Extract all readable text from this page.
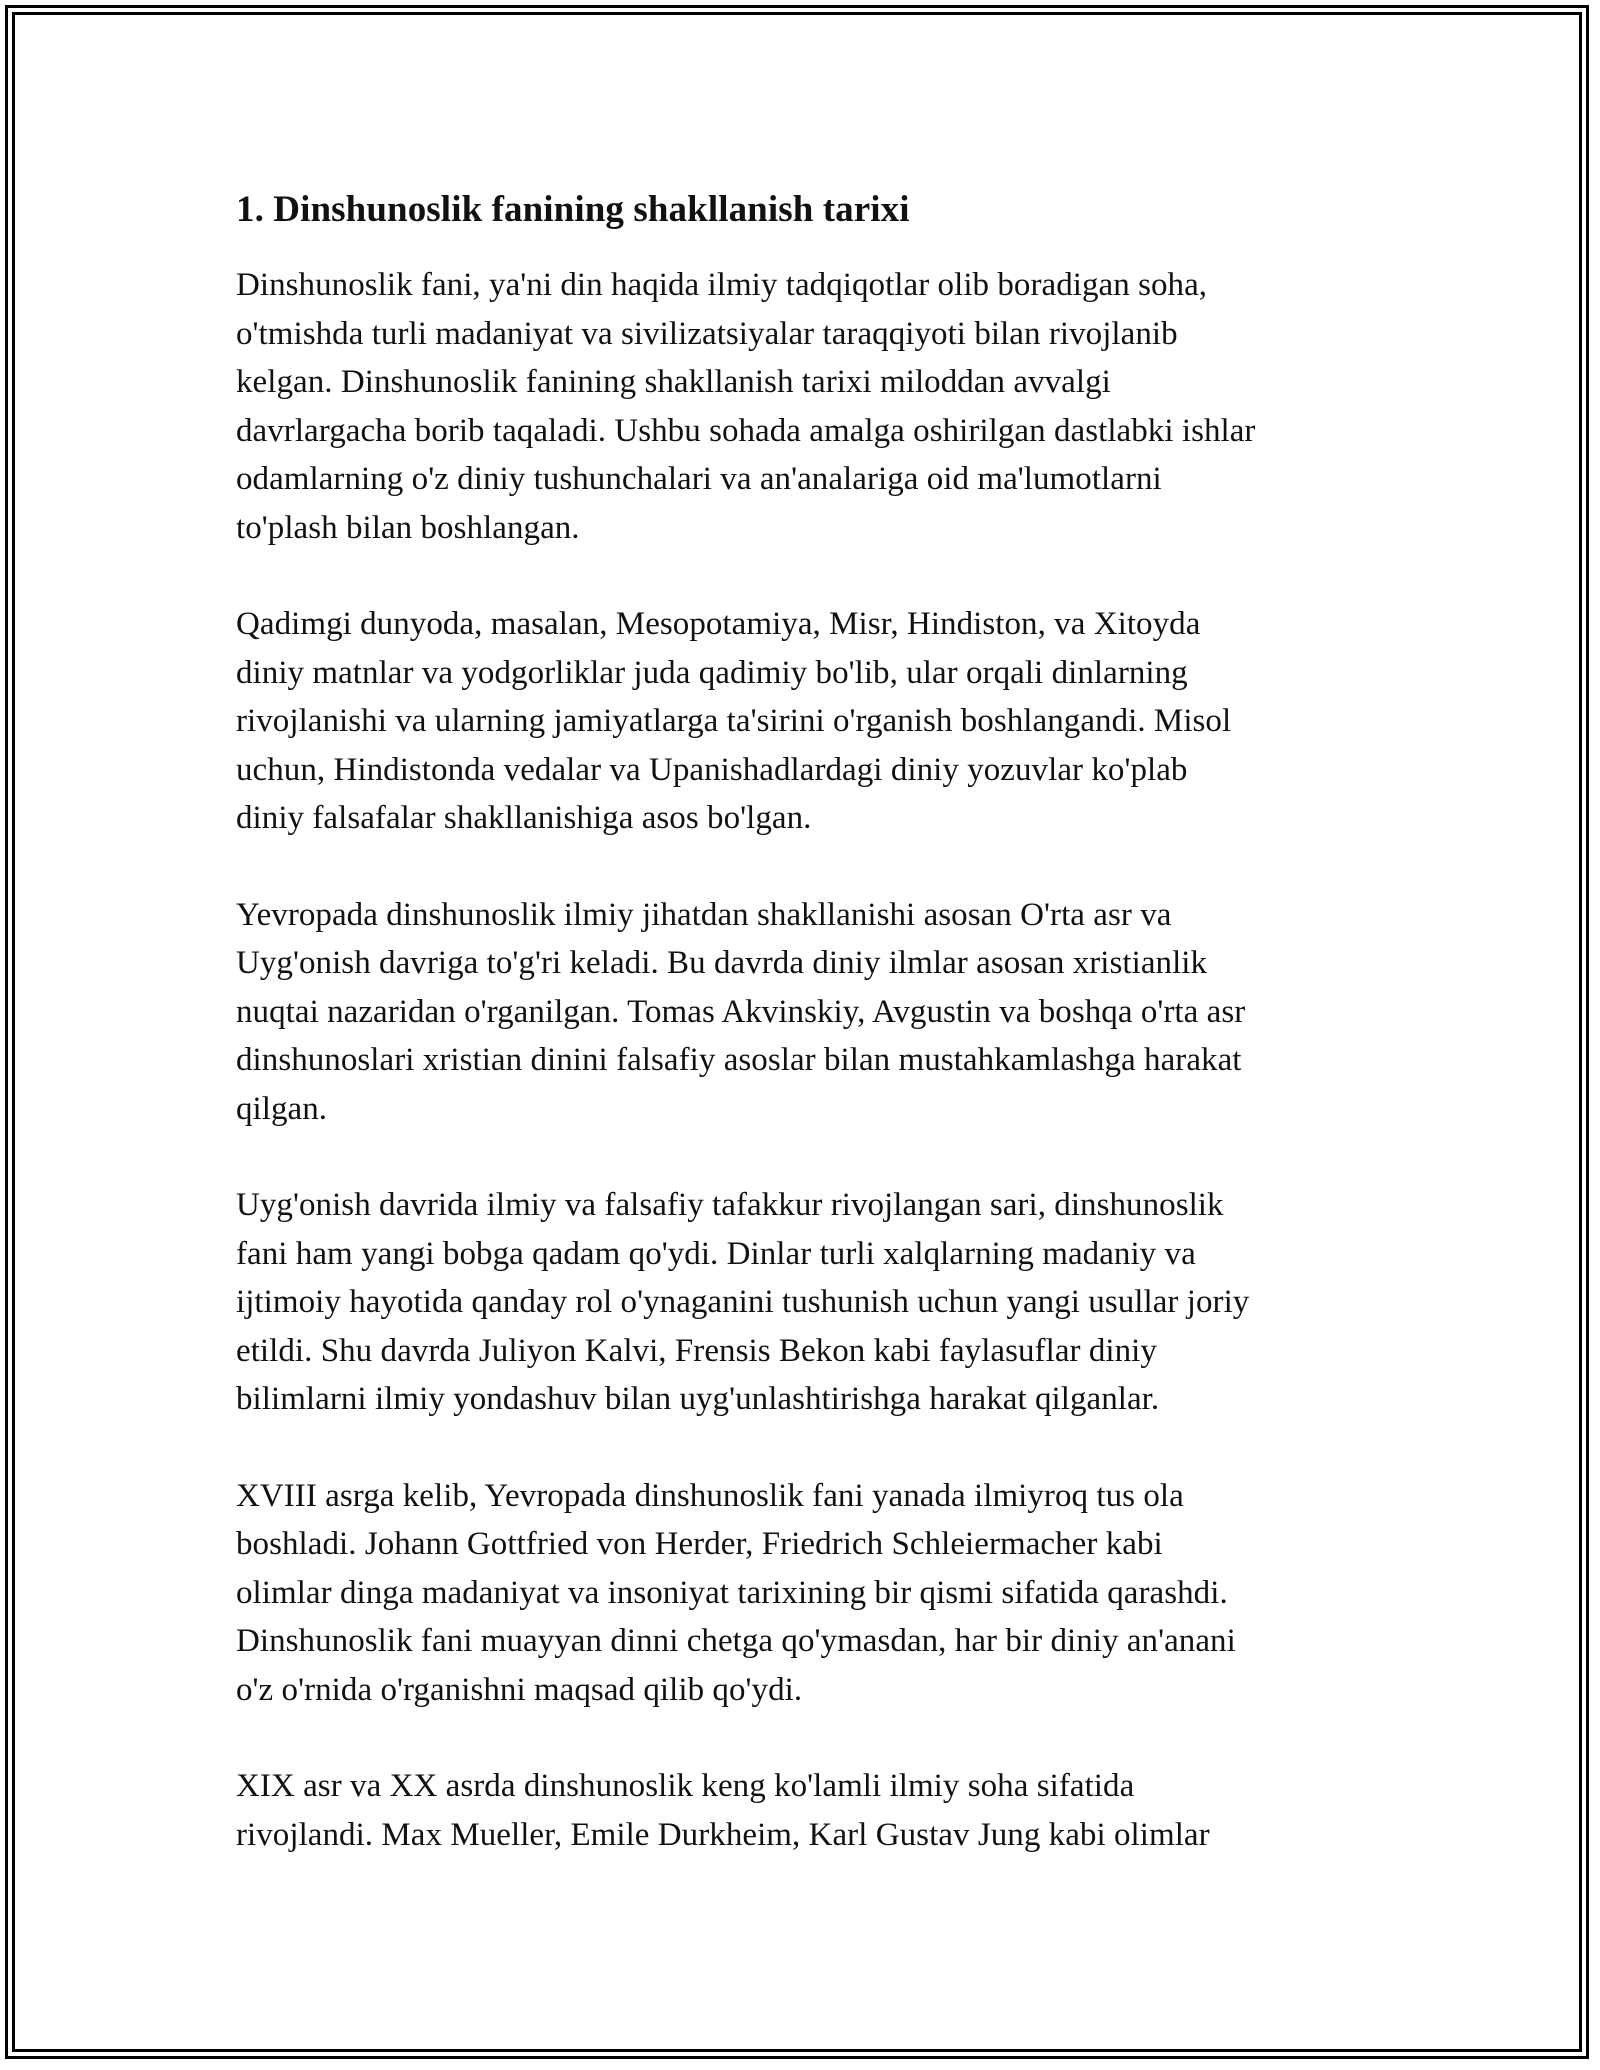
1. Dinshunoslik fanining shakllanish tarixi

Dinshunoslik fani, ya'ni din haqida ilmiy tadqiqotlar olib boradigan soha,
o'tmishda turli madaniyat va sivilizatsiyalar taraqqiyoti bilan rivojlanib
kelgan. Dinshunoslik fanining shakllanish tarixi miloddan avvalgi
davrlargacha borib taqaladi. Ushbu sohada amalga oshirilgan dastlabki ishlar
odamlarning o'z diniy tushunchalari va an'analariga oid ma'lumotlarni
to'plash bilan boshlangan.

Qadimgi dunyoda, masalan, Mesopotamiya, Misr, Hindiston, va Xitoyda
diniy matnlar va yodgorliklar juda qadimiy bo'lib, ular orqali dinlarning
rivojlanishi va ularning jamiyatlarga ta'sirini o'rganish boshlangandi. Misol
uchun, Hindistonda vedalar va Upanishadlardagi diniy yozuvlar ko'plab
diniy falsafalar shakllanishiga asos bo'lgan.

Yevropada dinshunoslik ilmiy jihatdan shakllanishi asosan O'rta asr va
Uyg'onish davriga to'g'ri keladi. Bu davrda diniy ilmlar asosan xristianlik
nuqtai nazaridan o'rganilgan. Tomas Akvinskiy, Avgustin va boshqa o'rta asr
dinshunoslari xristian dinini falsafiy asoslar bilan mustahkamlashga harakat
qilgan.

Uyg'onish davrida ilmiy va falsafiy tafakkur rivojlangan sari, dinshunoslik
fani ham yangi bobga qadam qo'ydi. Dinlar turli xalqlarning madaniy va
ijtimoiy hayotida qanday rol o'ynaganini tushunish uchun yangi usullar joriy
etildi. Shu davrda Juliyon Kalvi, Frensis Bekon kabi faylasuflar diniy
bilimlarni ilmiy yondashuv bilan uyg'unlashtirishga harakat qilganlar.

XVIII asrga kelib, Yevropada dinshunoslik fani yanada ilmiyroq tus ola
boshladi. Johann Gottfried von Herder, Friedrich Schleiermacher kabi
olimlar dinga madaniyat va insoniyat tarixining bir qismi sifatida qarashdi.
Dinshunoslik fani muayyan dinni chetga qo'ymasdan, har bir diniy an'anani
o'z o'rnida o'rganishni maqsad qilib qo'ydi.

XIX asr va XX asrda dinshunoslik keng ko'lamli ilmiy soha sifatida
rivojlandi. Max Mueller, Emile Durkheim, Karl Gustav Jung kabi olimlar
